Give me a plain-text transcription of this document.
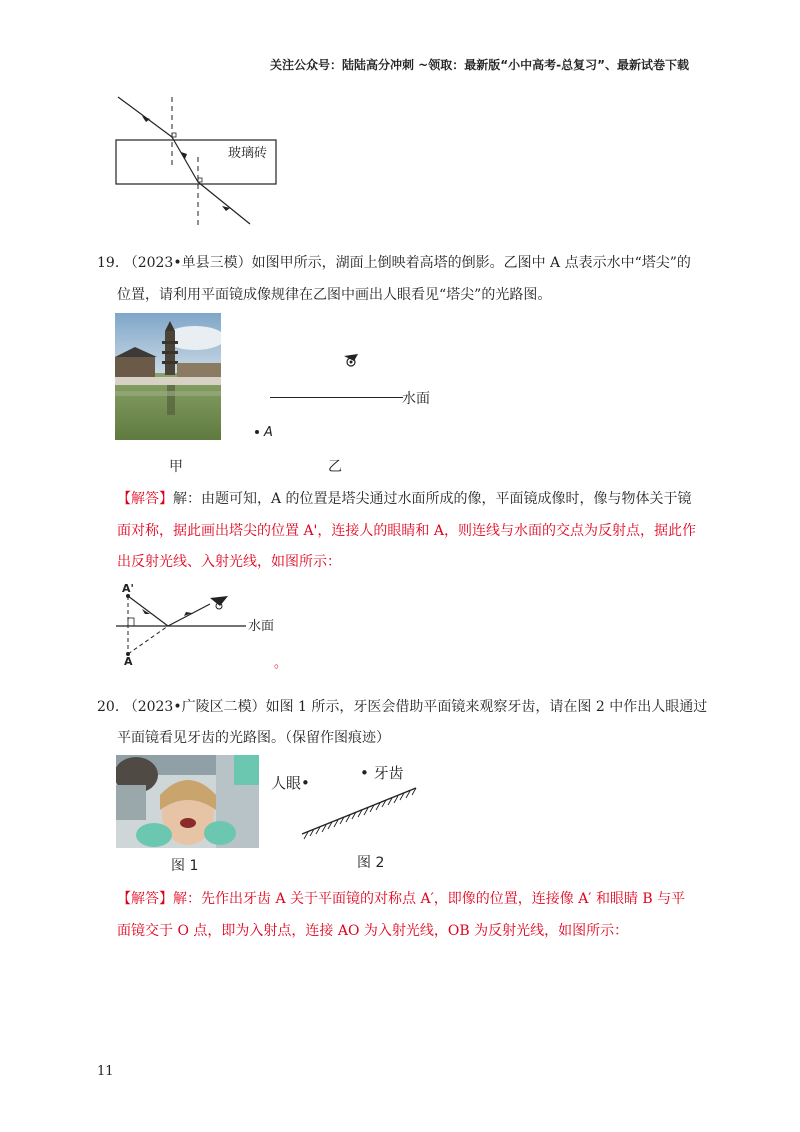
关注公众号：陆陆高分冲刺 ~领取：最新版“小中高考-总复习”、最新试卷下载
玻璃砖
19. （2023•单县三模）如图甲所示，湖面上倒映着高塔的倒影。乙图中 A 点表示水中“塔尖”的
位置，请利用平面镜成像规律在乙图中画出人眼看见“塔尖”的光路图。
水面
A
甲	乙
【解答】解：由题可知，A 的位置是塔尖通过水面所成的像，平面镜成像时，像与物体关于镜
面对称，据此画出塔尖的位置 A'，连接人的眼睛和 A，则连线与水面的交点为反射点，据此作
出反射光线、入射光线，如图所示：
A'
A
水面
。
20. （2023•广陵区二模）如图 1 所示，牙医会借助平面镜来观察牙齿，请在图 2 中作出人眼通过
平面镜看见牙齿的光路图。（保留作图痕迹）
人眼•
• 牙齿
图 1	图 2
【解答】解：先作出牙齿 A 关于平面镜的对称点 A′，即像的位置，连接像 A′ 和眼睛 B 与平
面镜交于 O 点，即为入射点，连接 AO 为入射光线，OB 为反射光线，如图所示：
11
